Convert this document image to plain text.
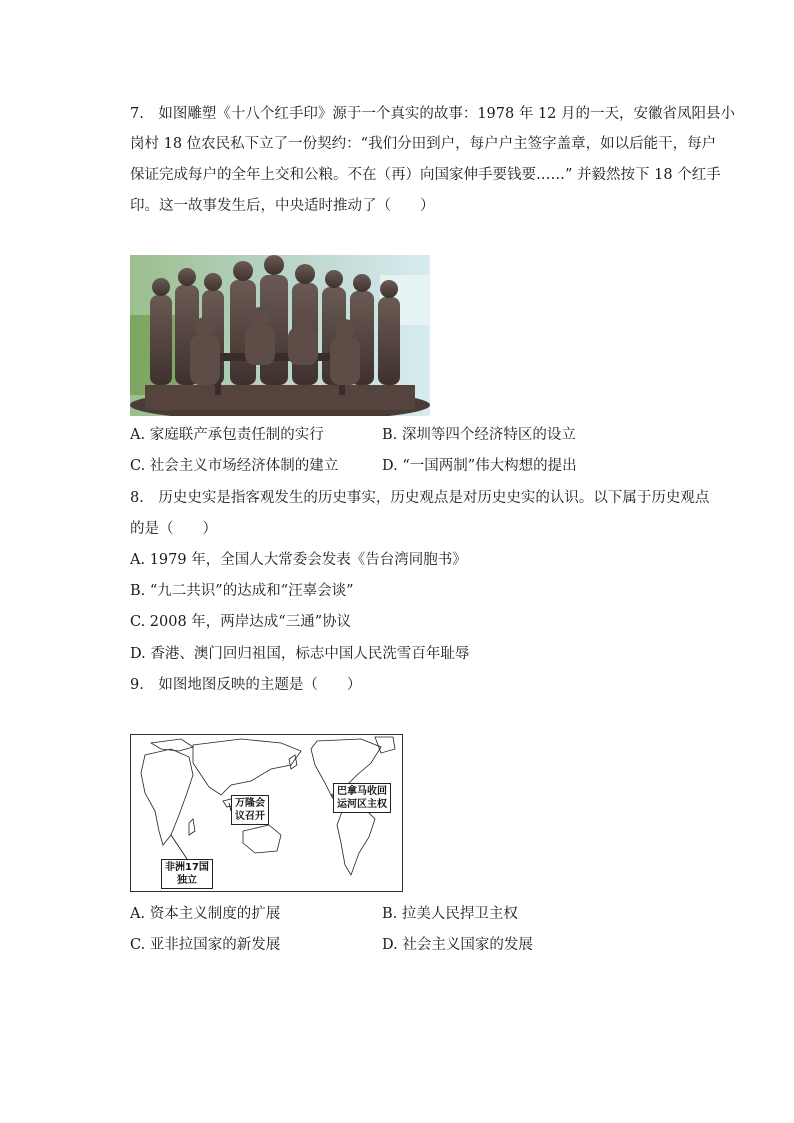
7.　如图雕塑《十八个红手印》源于一个真实的故事：1978 年 12 月的一天，安徽省凤阳县小
岗村 18 位农民私下立了一份契约：“我们分田到户，每户户主签字盖章，如以后能干，每户
保证完成每户的全年上交和公粮。不在（再）向国家伸手要钱要……” 并毅然按下 18 个红手
印。这一故事发生后，中央适时推动了（　　）
A. 家庭联产承包责任制的实行	B. 深圳等四个经济特区的设立
C. 社会主义市场经济体制的建立	D. “一国两制”伟大构想的提出
8.　历史史实是指客观发生的历史事实，历史观点是对历史史实的认识。以下属于历史观点
的是（　　）
A. 1979 年，全国人大常委会发表《告台湾同胞书》
B. “九二共识”的达成和“汪辜会谈”
C. 2008 年，两岸达成“三通”协议
D. 香港、澳门回归祖国，标志中国人民洗雪百年耻辱
9.　如图地图反映的主题是（　　）
万隆会
议召开
巴拿马收回
运河区主权
非洲17国
独立
A. 资本主义制度的扩展	B. 拉美人民捍卫主权
C. 亚非拉国家的新发展	D. 社会主义国家的发展
